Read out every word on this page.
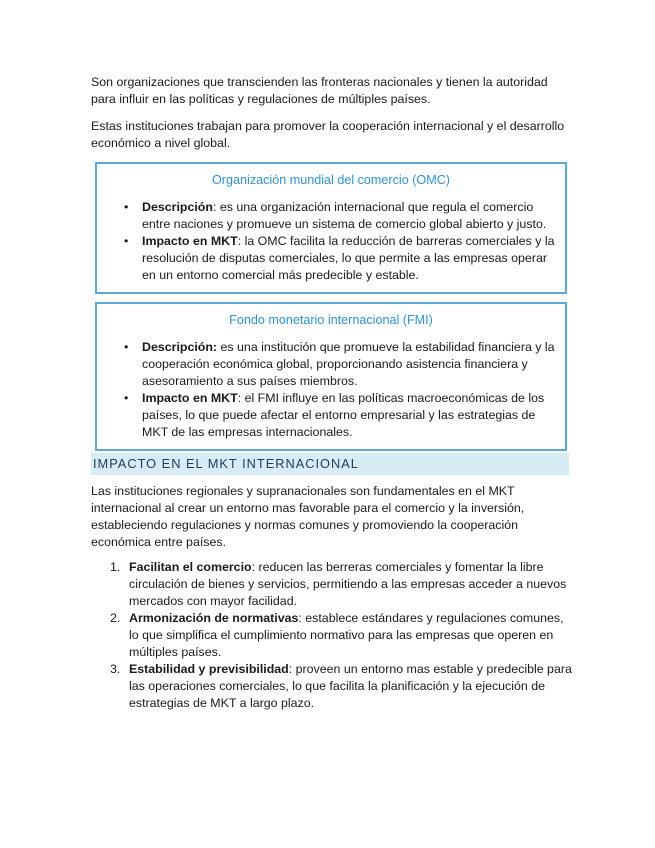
Son organizaciones que transcienden las fronteras nacionales y tienen la autoridad para influir en las políticas y regulaciones de múltiples países.

Estas instituciones trabajan para promover la cooperación internacional y el desarrollo económico a nivel global.

Organización mundial del comercio (OMC)
• Descripción: es una organización internacional que regula el comercio entre naciones y promueve un sistema de comercio global abierto y justo.
• Impacto en MKT: la OMC facilita la reducción de barreras comerciales y la resolución de disputas comerciales, lo que permite a las empresas operar en un entorno comercial más predecible y estable.
Fondo monetario internacional (FMI)
• Descripción: es una institución que promueve la estabilidad financiera y la cooperación económica global, proporcionando asistencia financiera y asesoramiento a sus países miembros.
• Impacto en MKT: el FMI influye en las políticas macroeconómicas de los países, lo que puede afectar el entorno empresarial y las estrategias de MKT de las empresas internacionales.
IMPACTO EN EL MKT INTERNACIONAL

Las instituciones regionales y supranacionales son fundamentales en el MKT internacional al crear un entorno mas favorable para el comercio y la inversión, estableciendo regulaciones y normas comunes y promoviendo la cooperación económica entre países.

1. Facilitan el comercio: reducen las berreras comerciales y fomentar la libre circulación de bienes y servicios, permitiendo a las empresas acceder a nuevos mercados con mayor facilidad.
2. Armonización de normativas: establece estándares y regulaciones comunes, lo que simplifica el cumplimiento normativo para las empresas que operen en múltiples países.
3. Estabilidad y previsibilidad: proveen un entorno mas estable y predecible para las operaciones comerciales, lo que facilita la planificación y la ejecución de estrategias de MKT a largo plazo.
